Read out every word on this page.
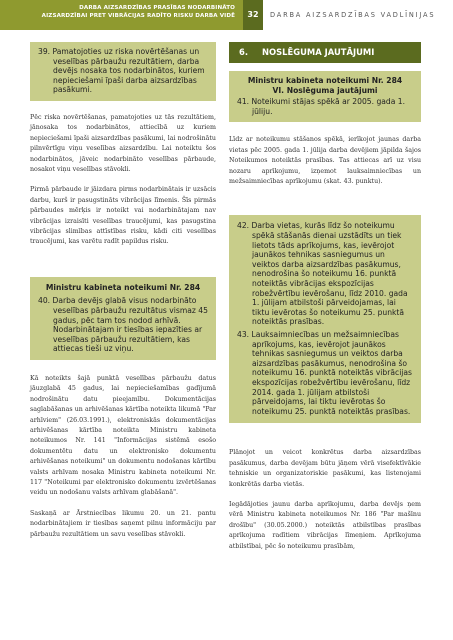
DARBA AIZSARDZĪBAS PRASĪBAS NODARBINĀTO
AIZSARDZĪBAI PRET VIBRĀCIJAS RADĪTO RISKU DARBA VIDĒ	32	DARBA AIZSARDZĪBAS VADLĪNIJAS
39. Pamatojoties uz riska novērtēšanas un veselības pārbaužu rezultātiem, darba devējs nosaka tos nodarbinātos, kuriem nepieciešami īpaši darba aizsardzības pasākumi.

Pēc riska novērtēšanas, pamatojoties uz tās rezultātiem, jānosaka tos nodarbinātos, attiecībā uz kuriem nepieciešami īpaši aizsardzības pasākumi, lai nodrošinātu pilnvērtīgu viņu veselības aizsardzību. Lai noteiktu šos nodarbinātos, jāveic nodarbināto veselības pārbaude, nosakot viņu veselības stāvokli.

Pirmā pārbaude ir jāizdara pirms nodarbinātais ir uzsācis darbu, kurš ir pasugstināts vibrācijas līmenis. Šīs pirmās pārbaudes mērķis ir noteikt vai nodarbinātajam nav vibrācijas izraisīti veselības traucējumi, kas pasugstina vibrācijas slimības attīstības risku, kādi citi veselības traucējumi, kas varētu radīt papildus risku.

Ministru kabineta noteikumi Nr. 284
40. Darba devējs glabā visus nodarbināto veselības pārbaužu rezultātus vismaz 45 gadus, pēc tam tos nodod arhīvā. Nodarbinātajam ir tiesības iepazīties ar veselības pārbaužu rezultātiem, kas attiecas tieši uz viņu.

Kā noteikts šajā punktā veselības pārbaužu datus jāuzglabā 45 gadus, lai nepieciešamības gadījumā nodrošinātu datu pieejamību. Dokumentācijas saglabāšanas un arhivēšanas kārtība noteikta likumā "Par arhīviem" (26.03.1991.), elektroniskās dokumentācijas arhivēšanas kārtība noteikta Ministru kabineta noteikumos Nr. 141 "Informācijas sistēmā esošo dokumentētu datu un elektronisko dokumentu arhivēšanas noteikumi" un dokumentu nodošanas kārtību valsts arhīvam nosaka Ministru kabineta noteikumi Nr. 117 "Noteikumi par elektronisko dokumentu izvērtēšanas veidu un nodošanu valsts arhīvam glabāšanā".

Saskaņā ar Ārstniecības likumu 20. un 21. pantu nodarbinātajiem ir tiesības saņemt pilnu informāciju par pārbaužu rezultātiem un savu veselības stāvokli.

6. NOSLĒGUMA JAUTĀJUMI
Ministru kabineta noteikumi Nr. 284
VI. Noslēguma jautājumi
41. Noteikumi stājas spēkā ar 2005. gada 1. jūliju.

Līdz ar noteikumu stāšanos spēkā, ierīkojot jaunas darba vietas pēc 2005. gada 1. jūlija darba devējiem jāpilda šajos Noteikumos noteiktās prasības. Tas attiecas arī uz visu nozaru aprīkojumu, izņemot lauksaimniecības un mežsaimniecības aprīkojumu (skat. 43. punktu).

42. Darba vietas, kurās līdz šo noteikumu spēkā stāšanās dienai uzstādīts un tiek lietots tāds aprīkojums, kas, ievērojot jaunākos tehnikas sasniegumus un veiktos darba aizsardzības pasākumus, nenodrošina šo noteikumu 16. punktā noteiktās vibrācijas ekspozīcijas robežvērtību ievērošanu, līdz 2010. gada 1. jūlijam atbilstoši pārveidojamas, lai tiktu ievērotas šo noteikumu 25. punktā noteiktās prasības.
43. Lauksaimniecības un mežsaimniecības aprīkojums, kas, ievērojot jaunākos tehnikas sasniegumus un veiktos darba aizsardzības pasākumus, nenodrošina šo noteikumu 16. punktā noteiktās vibrācijas ekspozīcijas robežvērtību ievērošanu, līdz 2014. gada 1. jūlijam atbilstoši pārveidojams, lai tiktu ievērotas šo noteikumu 25. punktā noteiktās prasības.

Plānojot un veicot konkrētus darba aizsardzības pasākumus, darba devējam būtu jāņem vērā visefektīvākie tehniskie un organizatoriskie pasākumi, kas listenojami konkrētās darba vietās.

Iegādājoties jaunu darba aprīkojumu, darba devējs ņem vērā Ministru kabineta noteikumos Nr. 186 "Par mašīnu drošību" (30.05.2000.) noteiktās atbilstības prasības aprīkojuma radītiem vibrācijas līmeņiem. Aprīkojuma atbilstībai, pēc šo noteikumu prasībām,
